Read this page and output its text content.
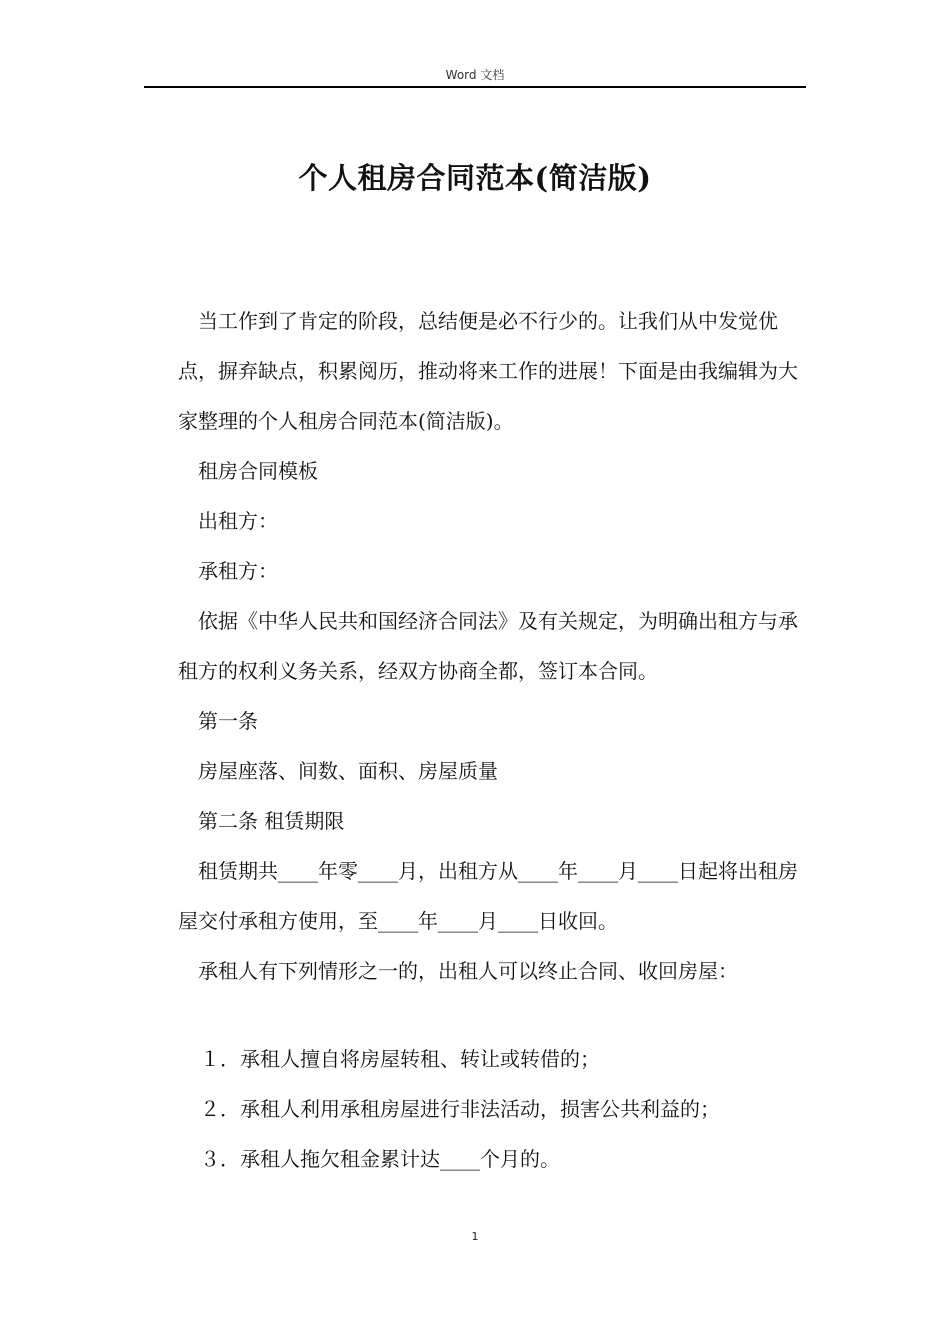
Word 文档
个人租房合同范本(简洁版)

当工作到了肯定的阶段，总结便是必不行少的。让我们从中发觉优点，摒弃缺点，积累阅历，推动将来工作的进展！下面是由我编辑为大家整理的个人租房合同范本(简洁版)。

租房合同模板

出租方：

承租方：

依据《中华人民共和国经济合同法》及有关规定，为明确出租方与承租方的权利义务关系，经双方协商全都，签订本合同。

第一条

房屋座落、间数、面积、房屋质量

第二条 租赁期限

租赁期共____年零____月，出租方从____年____月____日起将出租房屋交付承租方使用，至____年____月____日收回。

承租人有下列情形之一的，出租人可以终止合同、收回房屋：

１．承租人擅自将房屋转租、转让或转借的；

２．承租人利用承租房屋进行非法活动，损害公共利益的；

３．承租人拖欠租金累计达____个月的。

1
